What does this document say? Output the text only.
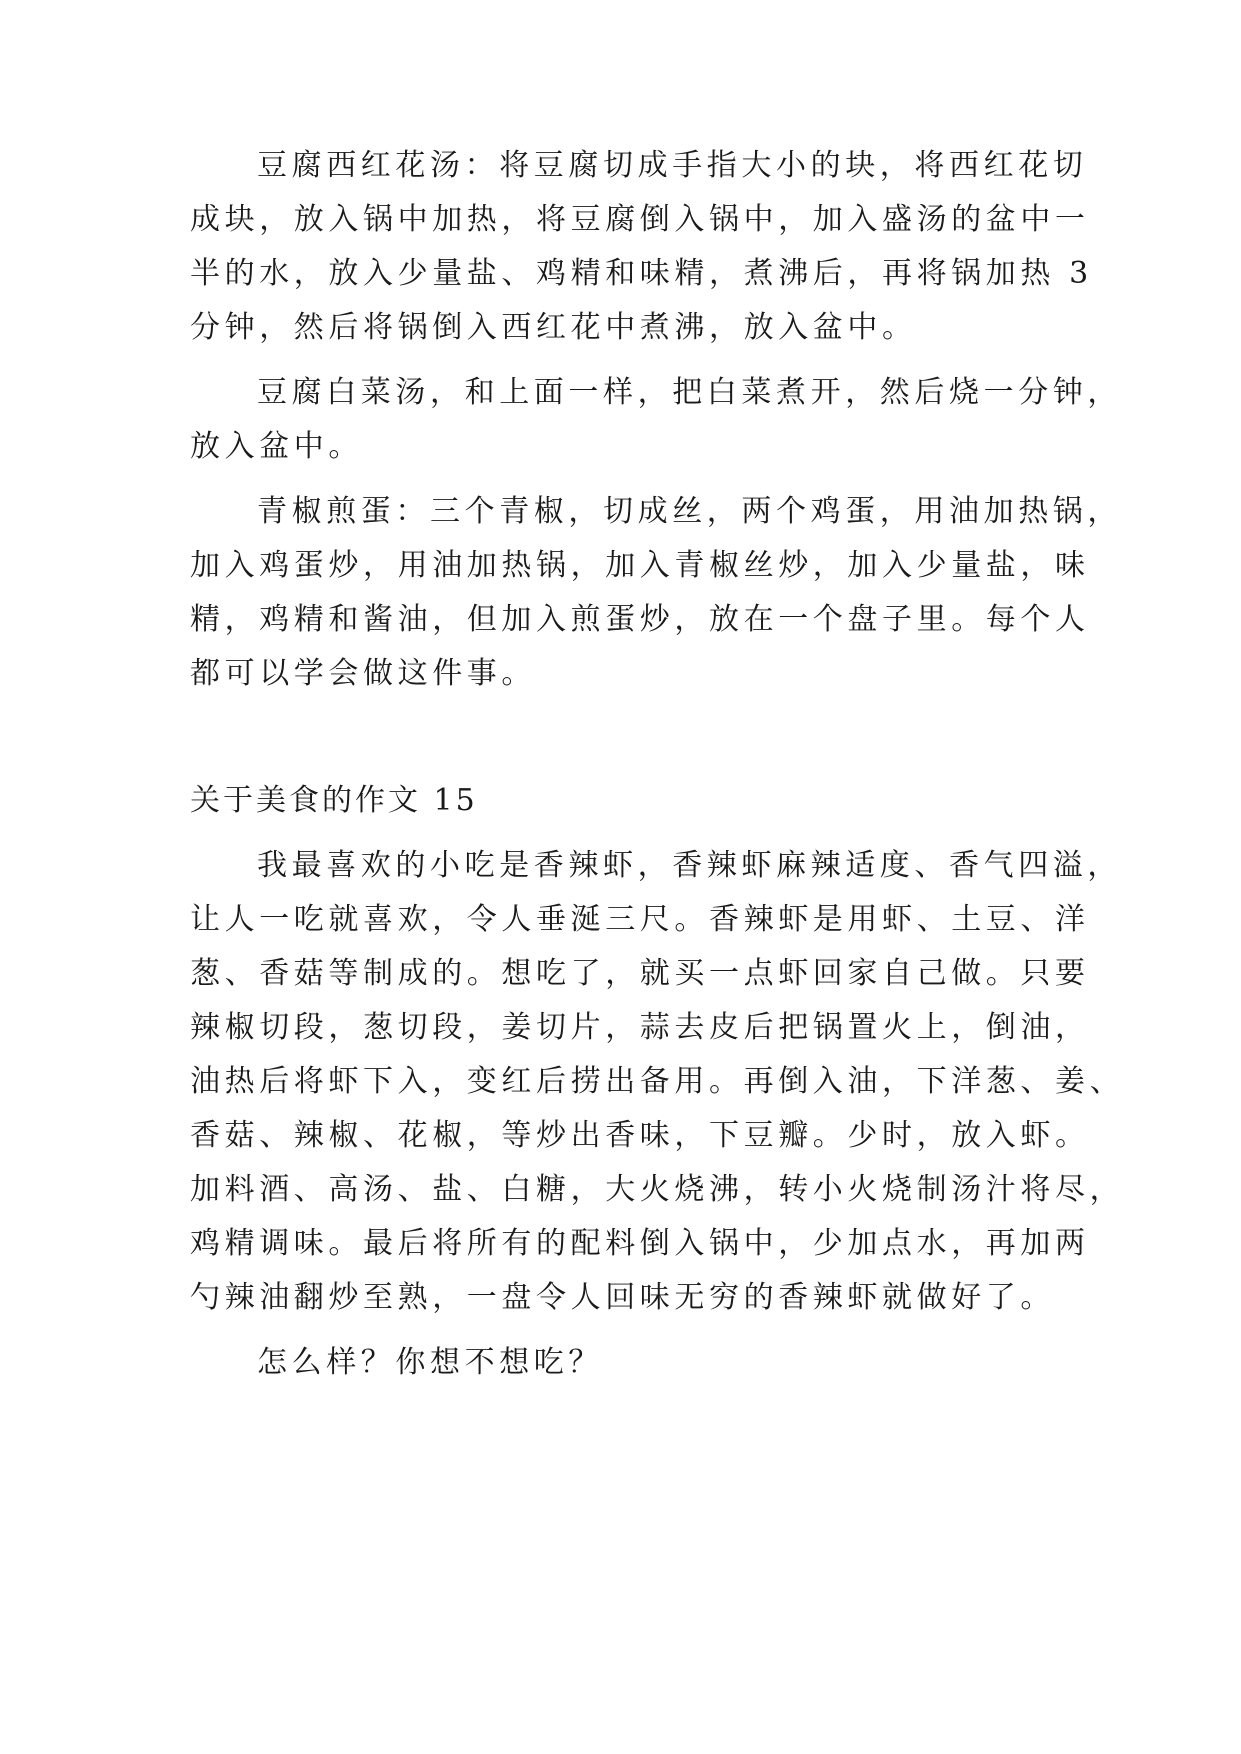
豆腐西红花汤：将豆腐切成手指大小的块，将西红花切
成块，放入锅中加热，将豆腐倒入锅中，加入盛汤的盆中一
半的水，放入少量盐、鸡精和味精，煮沸后，再将锅加热 3
分钟，然后将锅倒入西红花中煮沸，放入盆中。
豆腐白菜汤，和上面一样，把白菜煮开，然后烧一分钟，
放入盆中。
青椒煎蛋：三个青椒，切成丝，两个鸡蛋，用油加热锅，
加入鸡蛋炒，用油加热锅，加入青椒丝炒，加入少量盐，味
精，鸡精和酱油，但加入煎蛋炒，放在一个盘子里。每个人
都可以学会做这件事。
关于美食的作文 15
我最喜欢的小吃是香辣虾，香辣虾麻辣适度、香气四溢，
让人一吃就喜欢，令人垂涎三尺。香辣虾是用虾、土豆、洋
葱、香菇等制成的。想吃了，就买一点虾回家自己做。只要
辣椒切段，葱切段，姜切片，蒜去皮后把锅置火上，倒油，
油热后将虾下入，变红后捞出备用。再倒入油，下洋葱、姜、
香菇、辣椒、花椒，等炒出香味，下豆瓣。少时，放入虾。
加料酒、高汤、盐、白糖，大火烧沸，转小火烧制汤汁将尽，
鸡精调味。最后将所有的配料倒入锅中，少加点水，再加两
勺辣油翻炒至熟，一盘令人回味无穷的香辣虾就做好了。
怎么样？你想不想吃？
